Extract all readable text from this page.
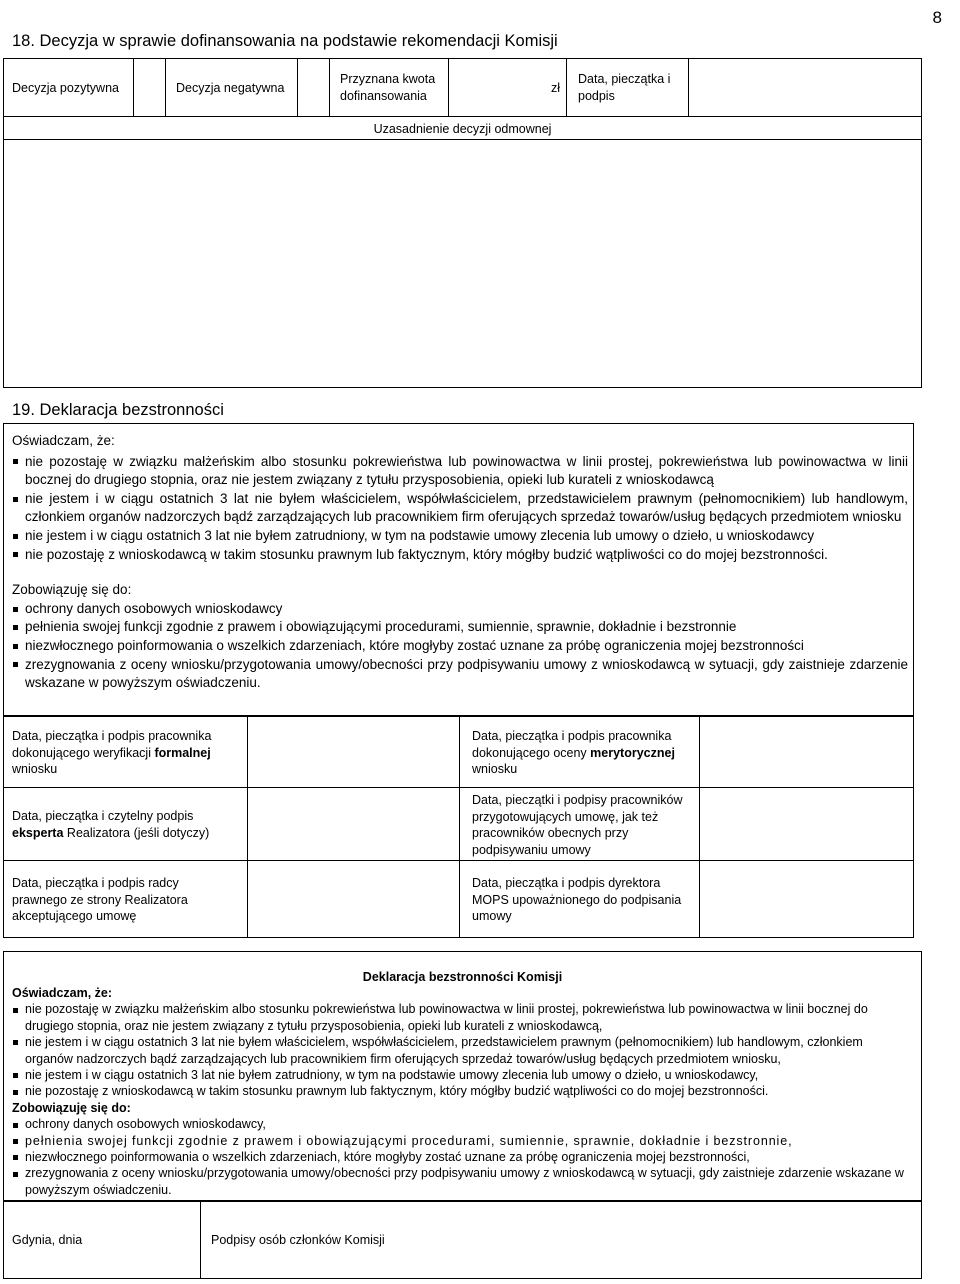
8
18. Decyzja w sprawie dofinansowania na podstawie rekomendacji Komisji
Decyzja pozytywna	Decyzja negatywna
Przyznana kwota dofinansowania
zł
Data, pieczątka i podpis
Uzasadnienie decyzji odmownej
19. Deklaracja bezstronności
Oświadczam, że:
nie pozostaję w związku małżeńskim albo stosunku pokrewieństwa lub powinowactwa w linii prostej, pokrewieństwa lub powinowactwa w linii bocznej do drugiego stopnia, oraz nie jestem związany z tytułu przysposobienia, opieki lub kurateli z wnioskodawcą
nie jestem i w ciągu ostatnich 3 lat nie byłem właścicielem, współwłaścicielem, przedstawicielem prawnym (pełnomocnikiem) lub handlowym, członkiem organów nadzorczych bądź zarządzających lub pracownikiem firm oferujących sprzedaż towarów/usług będących przedmiotem wniosku
nie jestem i w ciągu ostatnich 3 lat nie byłem zatrudniony, w tym na podstawie umowy zlecenia lub umowy o dzieło, u wnioskodawcy
nie pozostaję z wnioskodawcą w takim stosunku prawnym lub faktycznym, który mógłby budzić wątpliwości co do mojej bezstronności.
Zobowiązuję się do:
ochrony danych osobowych wnioskodawcy
pełnienia swojej funkcji zgodnie z prawem i obowiązującymi procedurami, sumiennie, sprawnie, dokładnie i bezstronnie
niezwłocznego poinformowania o wszelkich zdarzeniach, które mogłyby zostać uznane za próbę ograniczenia mojej bezstronności
zrezygnowania z oceny wniosku/przygotowania umowy/obecności przy podpisywaniu umowy z wnioskodawcą w sytuacji, gdy zaistnieje zdarzenie wskazane w powyższym oświadczeniu.
Data, pieczątka i podpis pracownika dokonującego weryfikacji formalnej wniosku
Data, pieczątka i podpis pracownika dokonującego oceny merytorycznej wniosku
Data, pieczątka i czytelny podpis eksperta Realizatora (jeśli dotyczy)
Data, pieczątki i podpisy pracowników przygotowujących umowę, jak też pracowników obecnych przy podpisywaniu umowy
Data, pieczątka i podpis radcy prawnego ze strony Realizatora akceptującego umowę
Data, pieczątka i podpis dyrektora MOPS upoważnionego do podpisania umowy
Deklaracja bezstronności Komisji
Oświadczam, że:
nie pozostaję w związku małżeńskim albo stosunku pokrewieństwa lub powinowactwa w linii prostej, pokrewieństwa lub powinowactwa w linii bocznej do drugiego stopnia, oraz nie jestem związany z tytułu przysposobienia, opieki lub kurateli z wnioskodawcą,
nie jestem i w ciągu ostatnich 3 lat nie byłem właścicielem, współwłaścicielem, przedstawicielem prawnym (pełnomocnikiem) lub handlowym, członkiem organów nadzorczych bądź zarządzających lub pracownikiem firm oferujących sprzedaż towarów/usług będących przedmiotem wniosku,
nie jestem i w ciągu ostatnich 3 lat nie byłem zatrudniony, w tym na podstawie umowy zlecenia lub umowy o dzieło, u wnioskodawcy,
nie pozostaję z wnioskodawcą w takim stosunku prawnym lub faktycznym, który mógłby budzić wątpliwości co do mojej bezstronności.
Zobowiązuję się do:
ochrony danych osobowych wnioskodawcy,
pełnienia swojej funkcji zgodnie z prawem i obowiązującymi procedurami, sumiennie, sprawnie, dokładnie i bezstronnie,
niezwłocznego poinformowania o wszelkich zdarzeniach, które mogłyby zostać uznane za próbę ograniczenia mojej bezstronności,
zrezygnowania z oceny wniosku/przygotowania umowy/obecności przy podpisywaniu umowy z wnioskodawcą w sytuacji, gdy zaistnieje zdarzenie wskazane w powyższym oświadczeniu.
Gdynia, dnia	Podpisy osób członków Komisji
